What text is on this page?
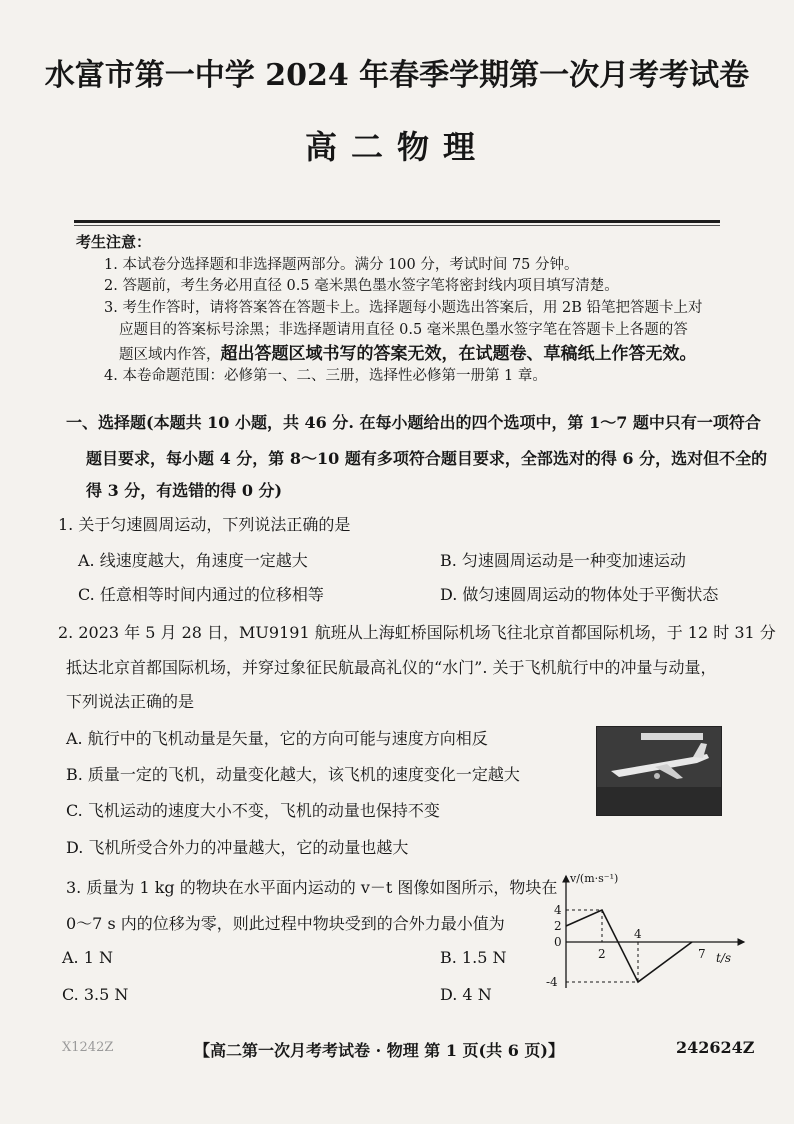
水富市第一中学 2024 年春季学期第一次月考考试卷
高二物理
考生注意：
1. 本试卷分选择题和非选择题两部分。满分 100 分，考试时间 75 分钟。
2. 答题前，考生务必用直径 0.5 毫米黑色墨水签字笔将密封线内项目填写清楚。
3. 考生作答时，请将答案答在答题卡上。选择题每小题选出答案后，用 2B 铅笔把答题卡上对
应题目的答案标号涂黑；非选择题请用直径 0.5 毫米黑色墨水签字笔在答题卡上各题的答
题区域内作答，超出答题区域书写的答案无效，在试题卷、草稿纸上作答无效。
4. 本卷命题范围：必修第一、二、三册，选择性必修第一册第 1 章。
一、选择题(本题共 10 小题，共 46 分. 在每小题给出的四个选项中，第 1～7 题中只有一项符合
题目要求，每小题 4 分，第 8～10 题有多项符合题目要求，全部选对的得 6 分，选对但不全的
得 3 分，有选错的得 0 分)
1. 关于匀速圆周运动，下列说法正确的是
A. 线速度越大，角速度一定越大	B. 匀速圆周运动是一种变加速运动
C. 任意相等时间内通过的位移相等	D. 做匀速圆周运动的物体处于平衡状态
2. 2023 年 5 月 28 日，MU9191 航班从上海虹桥国际机场飞往北京首都国际机场，于 12 时 31 分
抵达北京首都国际机场，并穿过象征民航最高礼仪的“水门”. 关于飞机航行中的冲量与动量，
下列说法正确的是
A. 航行中的飞机动量是矢量，它的方向可能与速度方向相反
B. 质量一定的飞机，动量变化越大，该飞机的速度变化一定越大
C. 飞机运动的速度大小不变，飞机的动量也保持不变
D. 飞机所受合外力的冲量越大，它的动量也越大
3. 质量为 1 kg 的物块在水平面内运动的 v－t 图像如图所示，物块在
0～7 s 内的位移为零，则此过程中物块受到的合外力最小值为
A. 1 N	B. 1.5 N
C. 3.5 N	D. 4 N
v/(m·s⁻¹)
t/s
0
4
2
-4
2
4
7
X1242Z	【高二第一次月考考试卷 · 物理 第 1 页(共 6 页)】	242624Z
